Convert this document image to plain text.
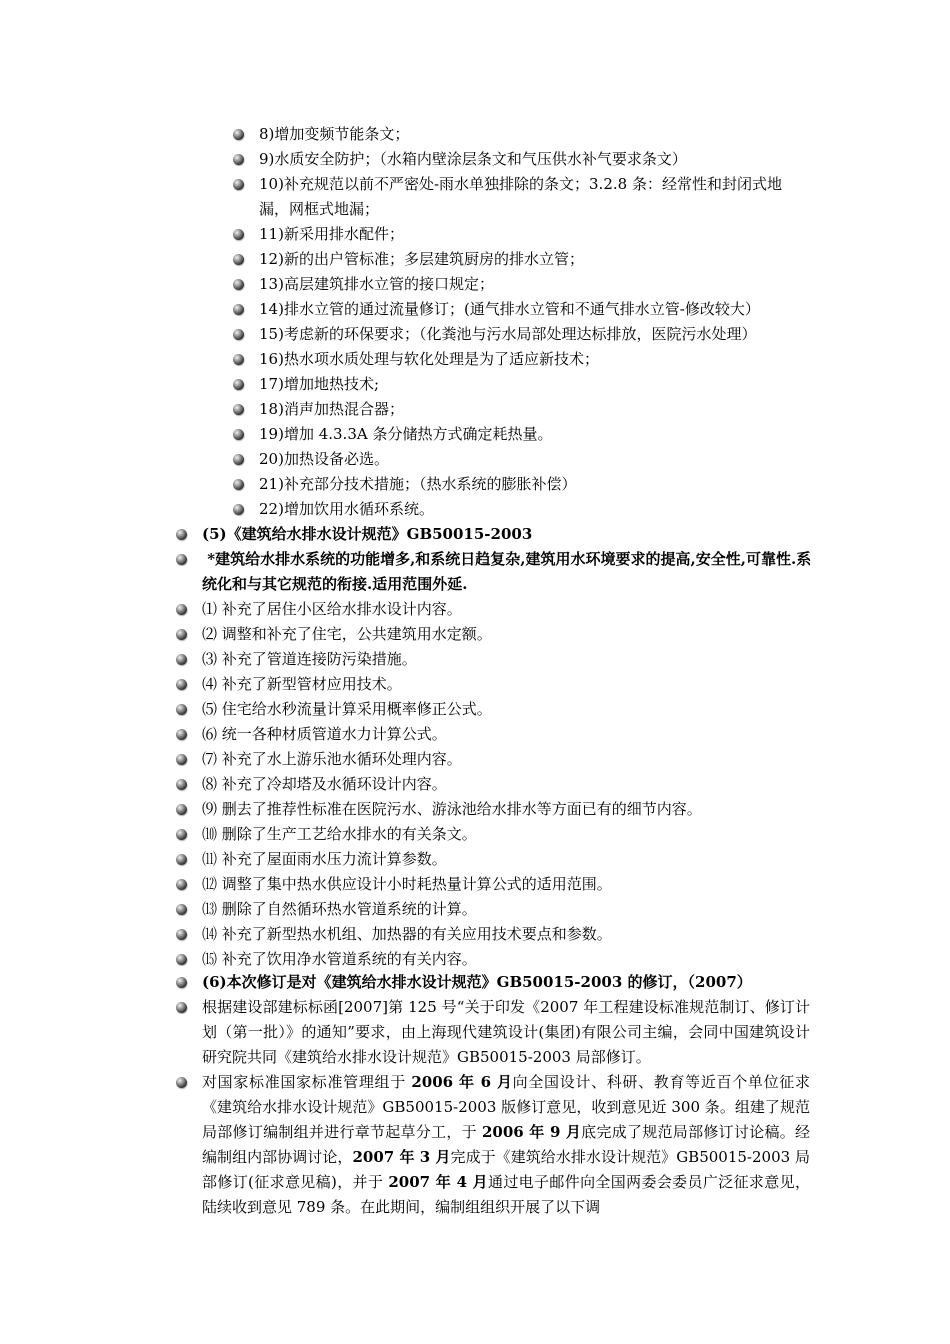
8)增加变频节能条文；
9)水质安全防护；（水箱内壁涂层条文和气压供水补气要求条文）
10)补充规范以前不严密处-雨水单独排除的条文；3.2.8 条：经常性和封闭式地漏，网框式地漏；
11)新采用排水配件；
12)新的出户管标准；多层建筑厨房的排水立管；
13)高层建筑排水立管的接口规定；
14)排水立管的通过流量修订；(通气排水立管和不通气排水立管-修改较大）
15)考虑新的环保要求；（化粪池与污水局部处理达标排放，医院污水处理）
16)热水项水质处理与软化处理是为了适应新技术；
17)增加地热技术;
18)消声加热混合器；
19)增加 4.3.3A 条分储热方式确定耗热量。
20)加热设备必选。
21)补充部分技术措施；（热水系统的膨胀补偿）
22)增加饮用水循环系统。
(5)《建筑给水排水设计规范》GB50015-2003
*建筑给水排水系统的功能增多,和系统日趋复杂,建筑用水环境要求的提高,安全性,可靠性.系统化和与其它规范的衔接.适用范围外延.
⑴ 补充了居住小区给水排水设计内容。
⑵ 调整和补充了住宅，公共建筑用水定额。
⑶ 补充了管道连接防污染措施。
⑷ 补充了新型管材应用技术。
⑸ 住宅给水秒流量计算采用概率修正公式。
⑹ 统一各种材质管道水力计算公式。
⑺ 补充了水上游乐池水循环处理内容。
⑻ 补充了冷却塔及水循环设计内容。
⑼ 删去了推荐性标准在医院污水、游泳池给水排水等方面已有的细节内容。
⑽ 删除了生产工艺给水排水的有关条文。
⑾ 补充了屋面雨水压力流计算参数。
⑿ 调整了集中热水供应设计小时耗热量计算公式的适用范围。
⒀ 删除了自然循环热水管道系统的计算。
⒁ 补充了新型热水机组、加热器的有关应用技术要点和参数。
⒂ 补充了饮用净水管道系统的有关内容。
(6)本次修订是对《建筑给水排水设计规范》GB50015-2003 的修订，（2007）
根据建设部建标标函[2007]第 125 号“关于印发《2007 年工程建设标准规范制订、修订计划（第一批）》的通知”要求，由上海现代建筑设计(集团)有限公司主编，会同中国建筑设计研究院共同《建筑给水排水设计规范》GB50015-2003 局部修订。
对国家标准国家标准管理组于 2006 年 6 月向全国设计、科研、教育等近百个单位征求《建筑给水排水设计规范》GB50015-2003 版修订意见，收到意见近 300 条。组建了规范局部修订编制组并进行章节起草分工，于 2006 年 9 月底完成了规范局部修订讨论稿。经编制组内部协调讨论，2007 年 3 月完成于《建筑给水排水设计规范》GB50015-2003 局部修订(征求意见稿)，并于 2007 年 4 月通过电子邮件向全国两委会委员广泛征求意见，陆续收到意见 789 条。在此期间，编制组组织开展了以下调
